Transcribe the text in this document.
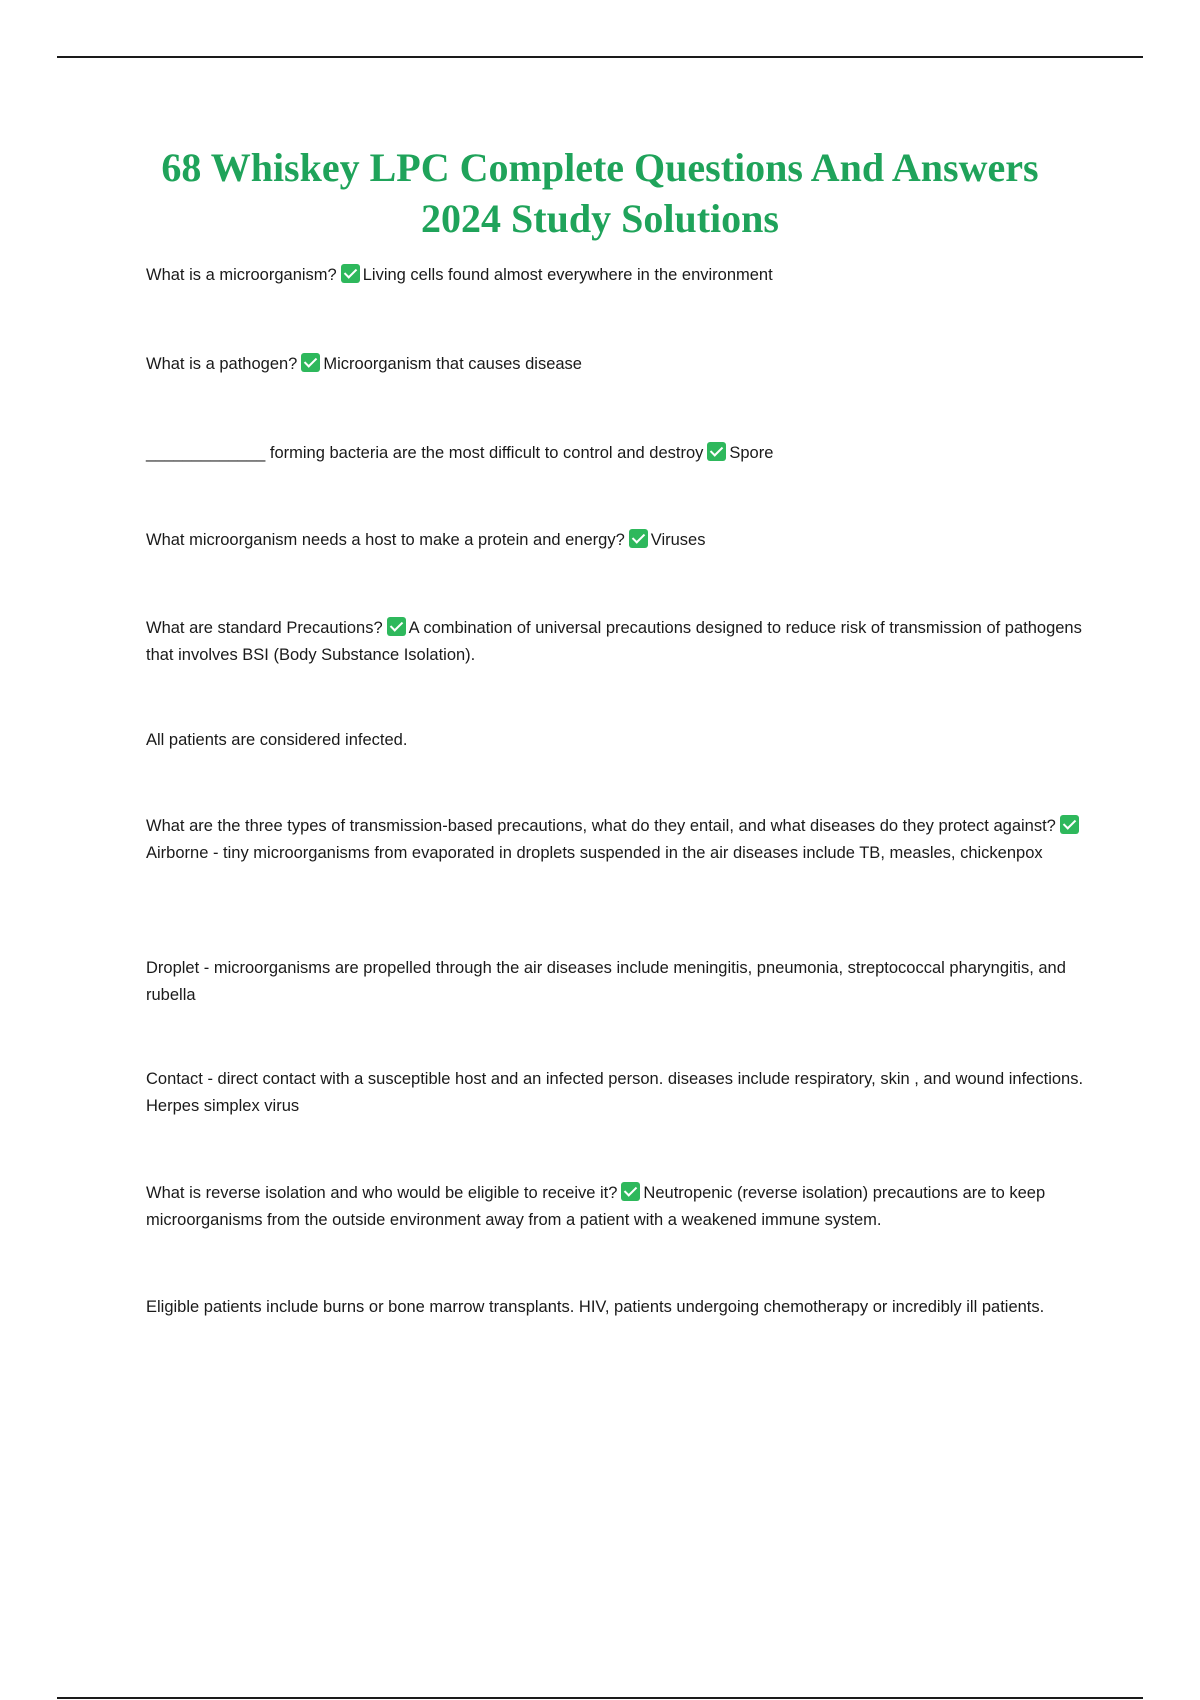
68 Whiskey LPC Complete Questions And Answers
2024 Study Solutions

What is a microorganism? Living cells found almost everywhere in the environment

What is a pathogen? Microorganism that causes disease

_____________ forming bacteria are the most difficult to control and destroy Spore

What microorganism needs a host to make a protein and energy? Viruses

What are standard Precautions? A combination of universal precautions designed to reduce risk of transmission of pathogens that involves BSI (Body Substance Isolation).

All patients are considered infected.

What are the three types of transmission-based precautions, what do they entail, and what diseases do they protect against?Airborne - tiny microorganisms from evaporated in droplets suspended in the air diseases include TB, measles, chickenpox

Droplet - microorganisms are propelled through the air diseases include meningitis, pneumonia, streptococcal pharyngitis, and rubella

Contact - direct contact with a susceptible host and an infected person. diseases include respiratory, skin , and wound infections. Herpes simplex virus

What is reverse isolation and who would be eligible to receive it? Neutropenic (reverse isolation) precautions are to keep microorganisms from the outside environment away from a patient with a weakened immune system.

Eligible patients include burns or bone marrow transplants. HIV, patients undergoing chemotherapy or incredibly ill patients.
